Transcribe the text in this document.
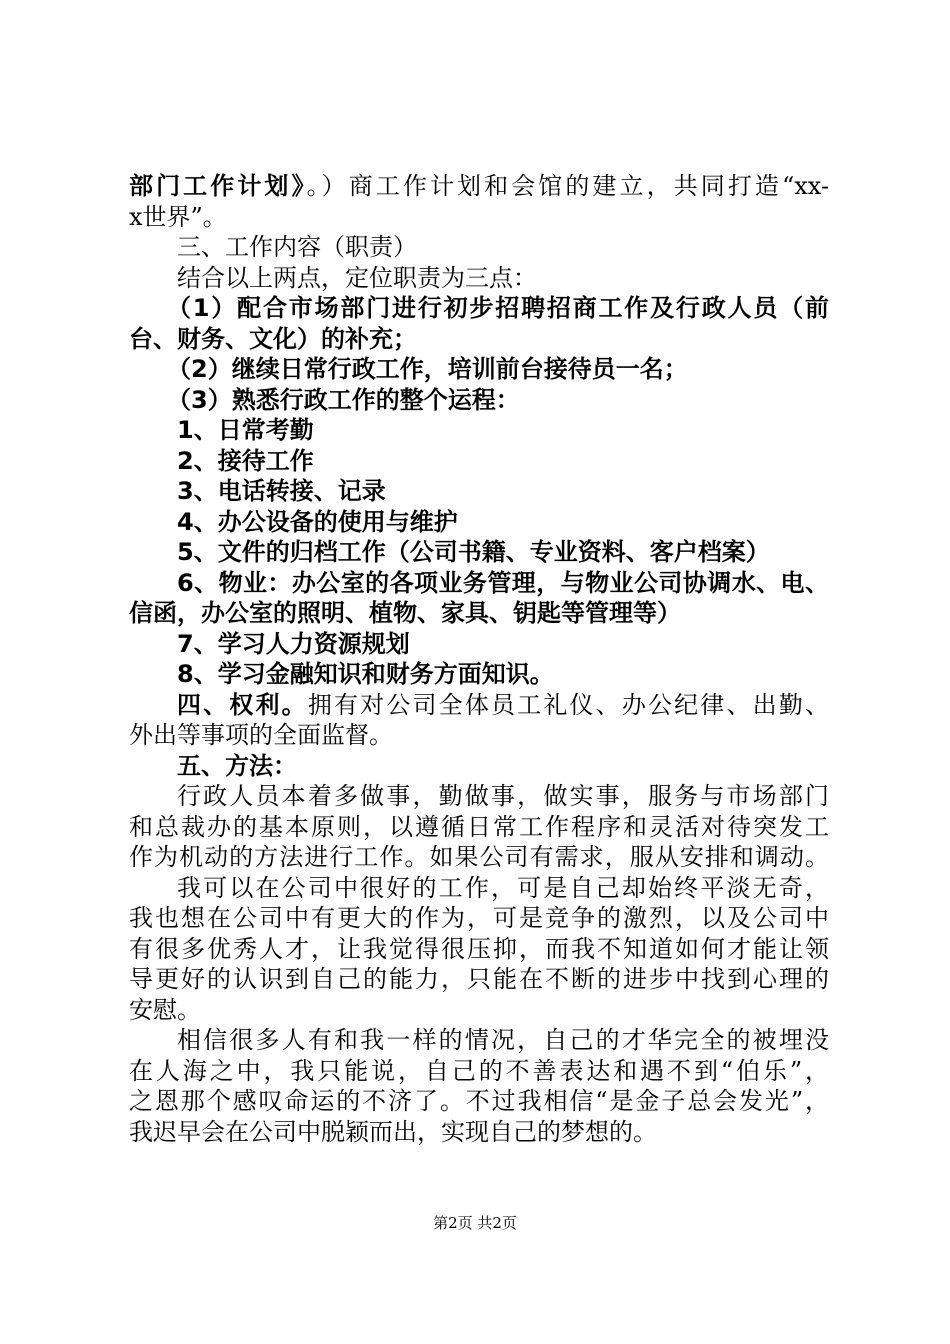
部门工作计划》。）商工作计划和会馆的建立，共同打造“xx-
x世界”。
三、工作内容（职责）
结合以上两点，定位职责为三点：
（1）配合市场部门进行初步招聘招商工作及行政人员（前
台、财务、文化）的补充；
（2）继续日常行政工作，培训前台接待员一名；
（3）熟悉行政工作的整个运程：
1、日常考勤
2、接待工作
3、电话转接、记录
4、办公设备的使用与维护
5、文件的归档工作（公司书籍、专业资料、客户档案）
6、物业：办公室的各项业务管理，与物业公司协调水、电、
信函，办公室的照明、植物、家具、钥匙等管理等）
7、学习人力资源规划
8、学习金融知识和财务方面知识。
四、权利。拥有对公司全体员工礼仪、办公纪律、出勤、
外出等事项的全面监督。
五、方法：
行政人员本着多做事，勤做事，做实事，服务与市场部门
和总裁办的基本原则，以遵循日常工作程序和灵活对待突发工
作为机动的方法进行工作。如果公司有需求，服从安排和调动。
我可以在公司中很好的工作，可是自己却始终平淡无奇，
我也想在公司中有更大的作为，可是竞争的激烈，以及公司中
有很多优秀人才，让我觉得很压抑，而我不知道如何才能让领
导更好的认识到自己的能力，只能在不断的进步中找到心理的
安慰。
相信很多人有和我一样的情况，自己的才华完全的被埋没
在人海之中，我只能说，自己的不善表达和遇不到“伯乐”，
之恩那个感叹命运的不济了。不过我相信“是金子总会发光”，
我迟早会在公司中脱颖而出，实现自己的梦想的。
第2页 共2页
